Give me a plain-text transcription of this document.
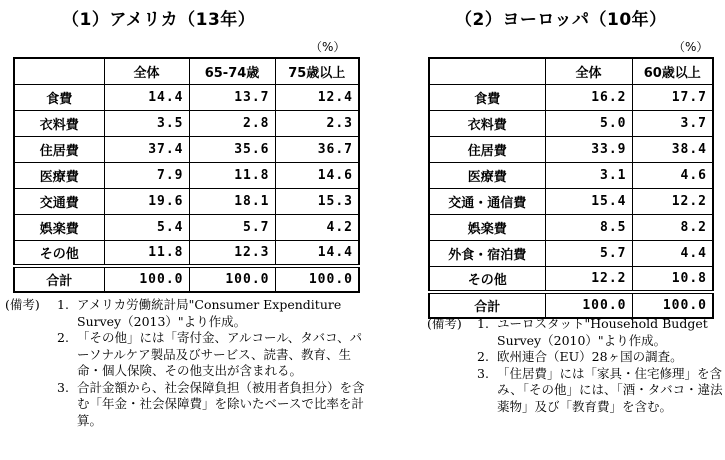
（1）アメリカ（13年）
（%）
	全体	65-74歳	75歳以上
食費	14.4	13.7	12.4
衣料費	3.5	2.8	2.3
住居費	37.4	35.6	36.7
医療費	7.9	11.8	14.6
交通費	19.6	18.1	15.3
娯楽費	5.4	5.7	4.2
その他	11.8	12.3	14.4
合計	100.0	100.0	100.0
(備考) 1. アメリカ労働統計局"Consumer Expenditure Survey（2013）"より作成。
2. 「その他」には「寄付金、アルコール、タバコ、パーソナルケア製品及びサービス、読書、教育、生命・個人保険、その他支出が含まれる。
3. 合計金額から、社会保障負担（被用者負担分）を含む「年金・社会保障費」を除いたベースで比率を計算。
（2）ヨーロッパ（10年）
（%）
	全体	60歳以上
食費	16.2	17.7
衣料費	5.0	3.7
住居費	33.9	38.4
医療費	3.1	4.6
交通・通信費	15.4	12.2
娯楽費	8.5	8.2
外食・宿泊費	5.7	4.4
その他	12.2	10.8
合計	100.0	100.0
(備考) 1. ユーロスタット"Household Budget Survey（2010）"より作成。
2. 欧州連合（EU）28ヶ国の調査。
3. 「住居費」には「家具・住宅修理」を含み、「その他」には、「酒・タバコ・違法薬物」及び「教育費」を含む。
